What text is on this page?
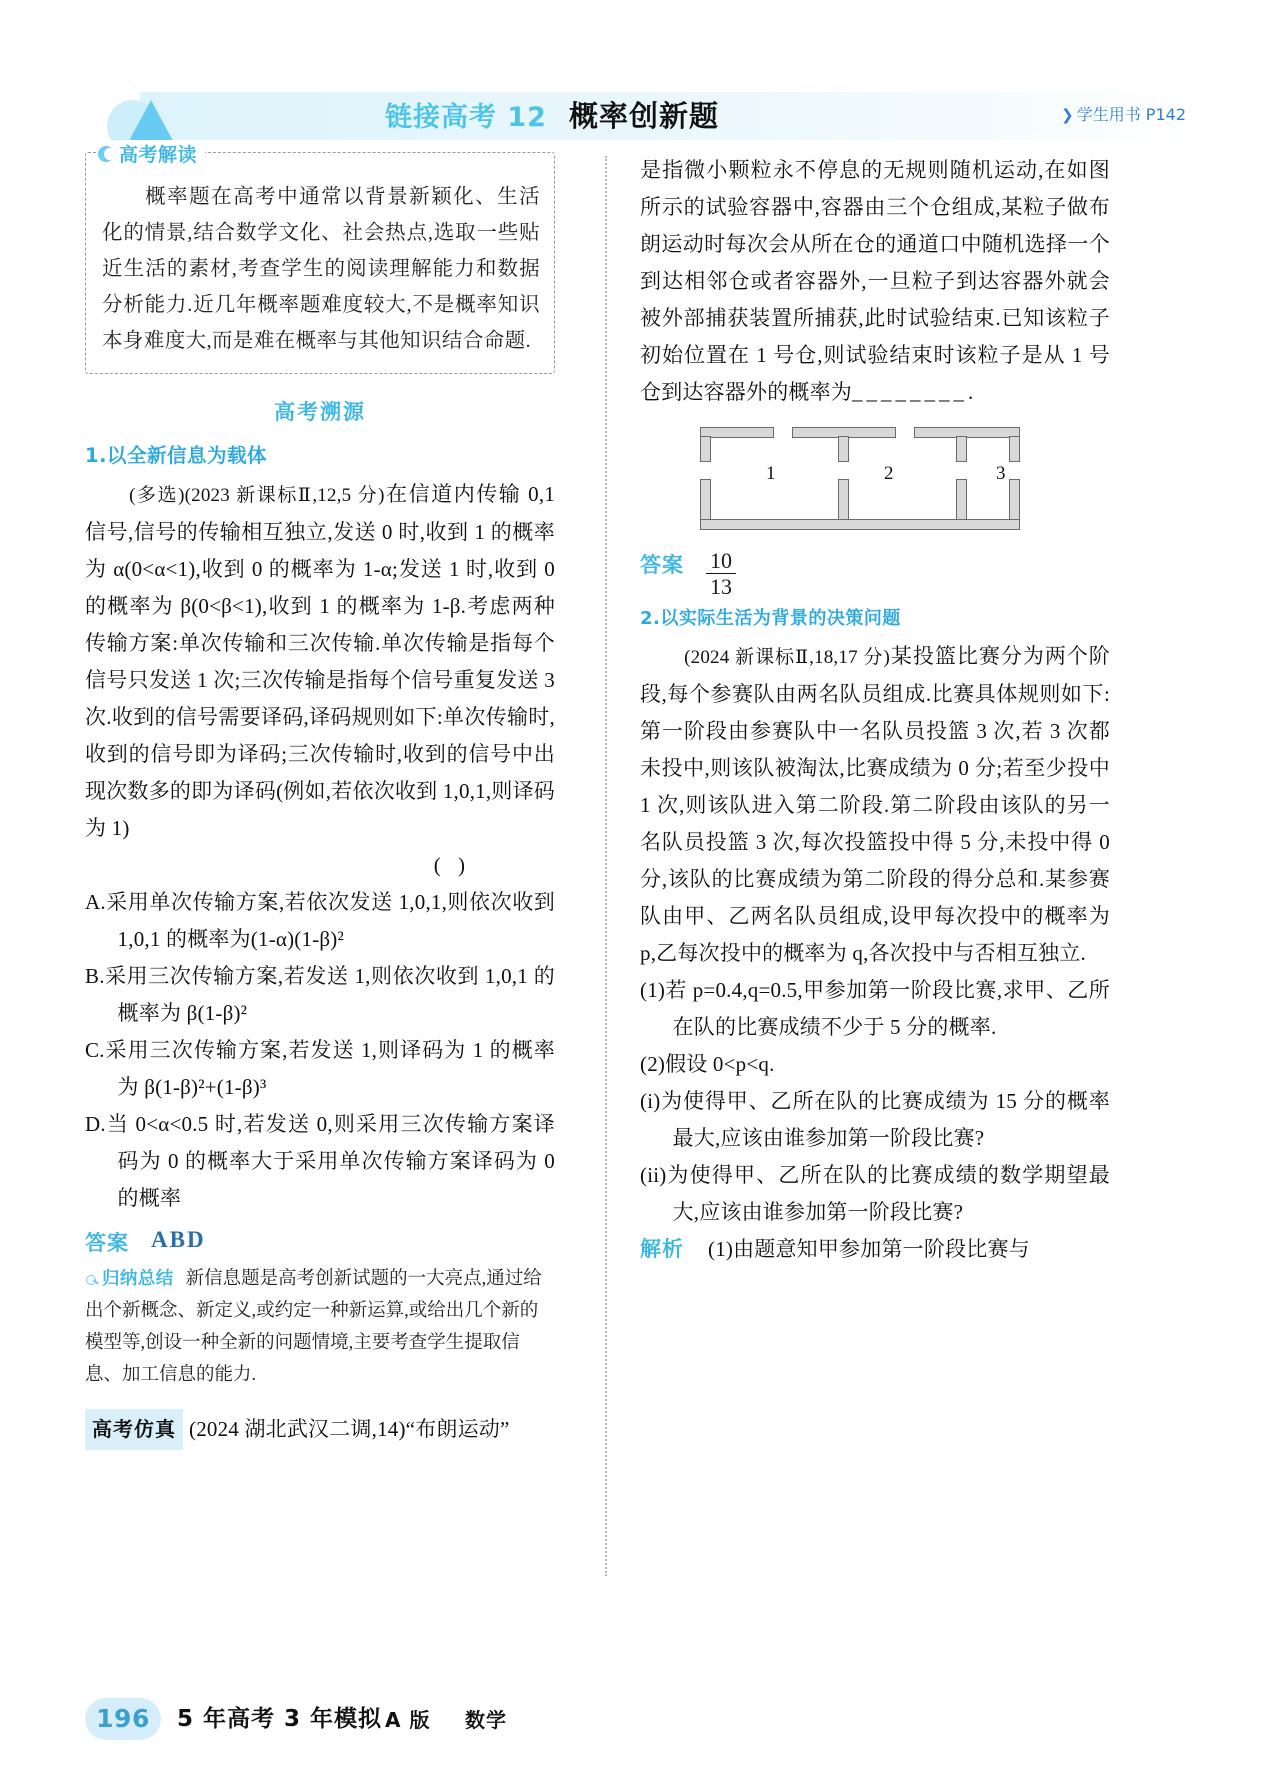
链接高考 12 概率创新题	❯ 学生用书 P142
高考解读
概率题在高考中通常以背景新颖化、生活化的情景,结合数学文化、社会热点,选取一些贴近生活的素材,考查学生的阅读理解能力和数据分析能力.近几年概率题难度较大,不是概率知识本身难度大,而是难在概率与其他知识结合命题.
高考溯源
1.以全新信息为载体
(多选)(2023 新课标Ⅱ,12,5 分)在信道内传输 0,1 信号,信号的传输相互独立,发送 0 时,收到 1 的概率为 α(0<α<1),收到 0 的概率为 1-α;发送 1 时,收到 0 的概率为 β(0<β<1),收到 1 的概率为 1-β.考虑两种传输方案:单次传输和三次传输.单次传输是指每个信号只发送 1 次;三次传输是指每个信号重复发送 3 次.收到的信号需要译码,译码规则如下:单次传输时,收到的信号即为译码;三次传输时,收到的信号中出现次数多的即为译码(例如,若依次收到 1,0,1,则译码为 1)
( )
A.采用单次传输方案,若依次发送 1,0,1,则依次收到 1,0,1 的概率为(1-α)(1-β)²
B.采用三次传输方案,若发送 1,则依次收到 1,0,1 的概率为 β(1-β)²
C.采用三次传输方案,若发送 1,则译码为 1 的概率为 β(1-β)²+(1-β)³
D.当 0<α<0.5 时,若发送 0,则采用三次传输方案译码为 0 的概率大于采用单次传输方案译码为 0 的概率
答案 ABD
归纳总结 新信息题是高考创新试题的一大亮点,通过给出个新概念、新定义,或约定一种新运算,或给出几个新的模型等,创设一种全新的问题情境,主要考查学生提取信息、加工信息的能力.
高考仿真 (2024 湖北武汉二调,14)“布朗运动”
是指微小颗粒永不停息的无规则随机运动,在如图所示的试验容器中,容器由三个仓组成,某粒子做布朗运动时每次会从所在仓的通道口中随机选择一个到达相邻仓或者容器外,一旦粒子到达容器外就会被外部捕获装置所捕获,此时试验结束.已知该粒子初始位置在 1 号仓,则试验结束时该粒子是从 1 号仓到达容器外的概率为________.
1	2	3
答案 $\frac{10}{13}$
2.以实际生活为背景的决策问题
(2024 新课标Ⅱ,18,17 分)某投篮比赛分为两个阶段,每个参赛队由两名队员组成.比赛具体规则如下:第一阶段由参赛队中一名队员投篮 3 次,若 3 次都未投中,则该队被淘汰,比赛成绩为 0 分;若至少投中 1 次,则该队进入第二阶段.第二阶段由该队的另一名队员投篮 3 次,每次投篮投中得 5 分,未投中得 0 分,该队的比赛成绩为第二阶段的得分总和.某参赛队由甲、乙两名队员组成,设甲每次投中的概率为 p,乙每次投中的概率为 q,各次投中与否相互独立.
(1)若 p=0.4,q=0.5,甲参加第一阶段比赛,求甲、乙所在队的比赛成绩不少于 5 分的概率.
(2)假设 0<p<q.
(i)为使得甲、乙所在队的比赛成绩为 15 分的概率最大,应该由谁参加第一阶段比赛?
(ii)为使得甲、乙所在队的比赛成绩的数学期望最大,应该由谁参加第一阶段比赛?
解析 (1)由题意知甲参加第一阶段比赛与
196	5 年高考 3 年模拟 A 版 数学
